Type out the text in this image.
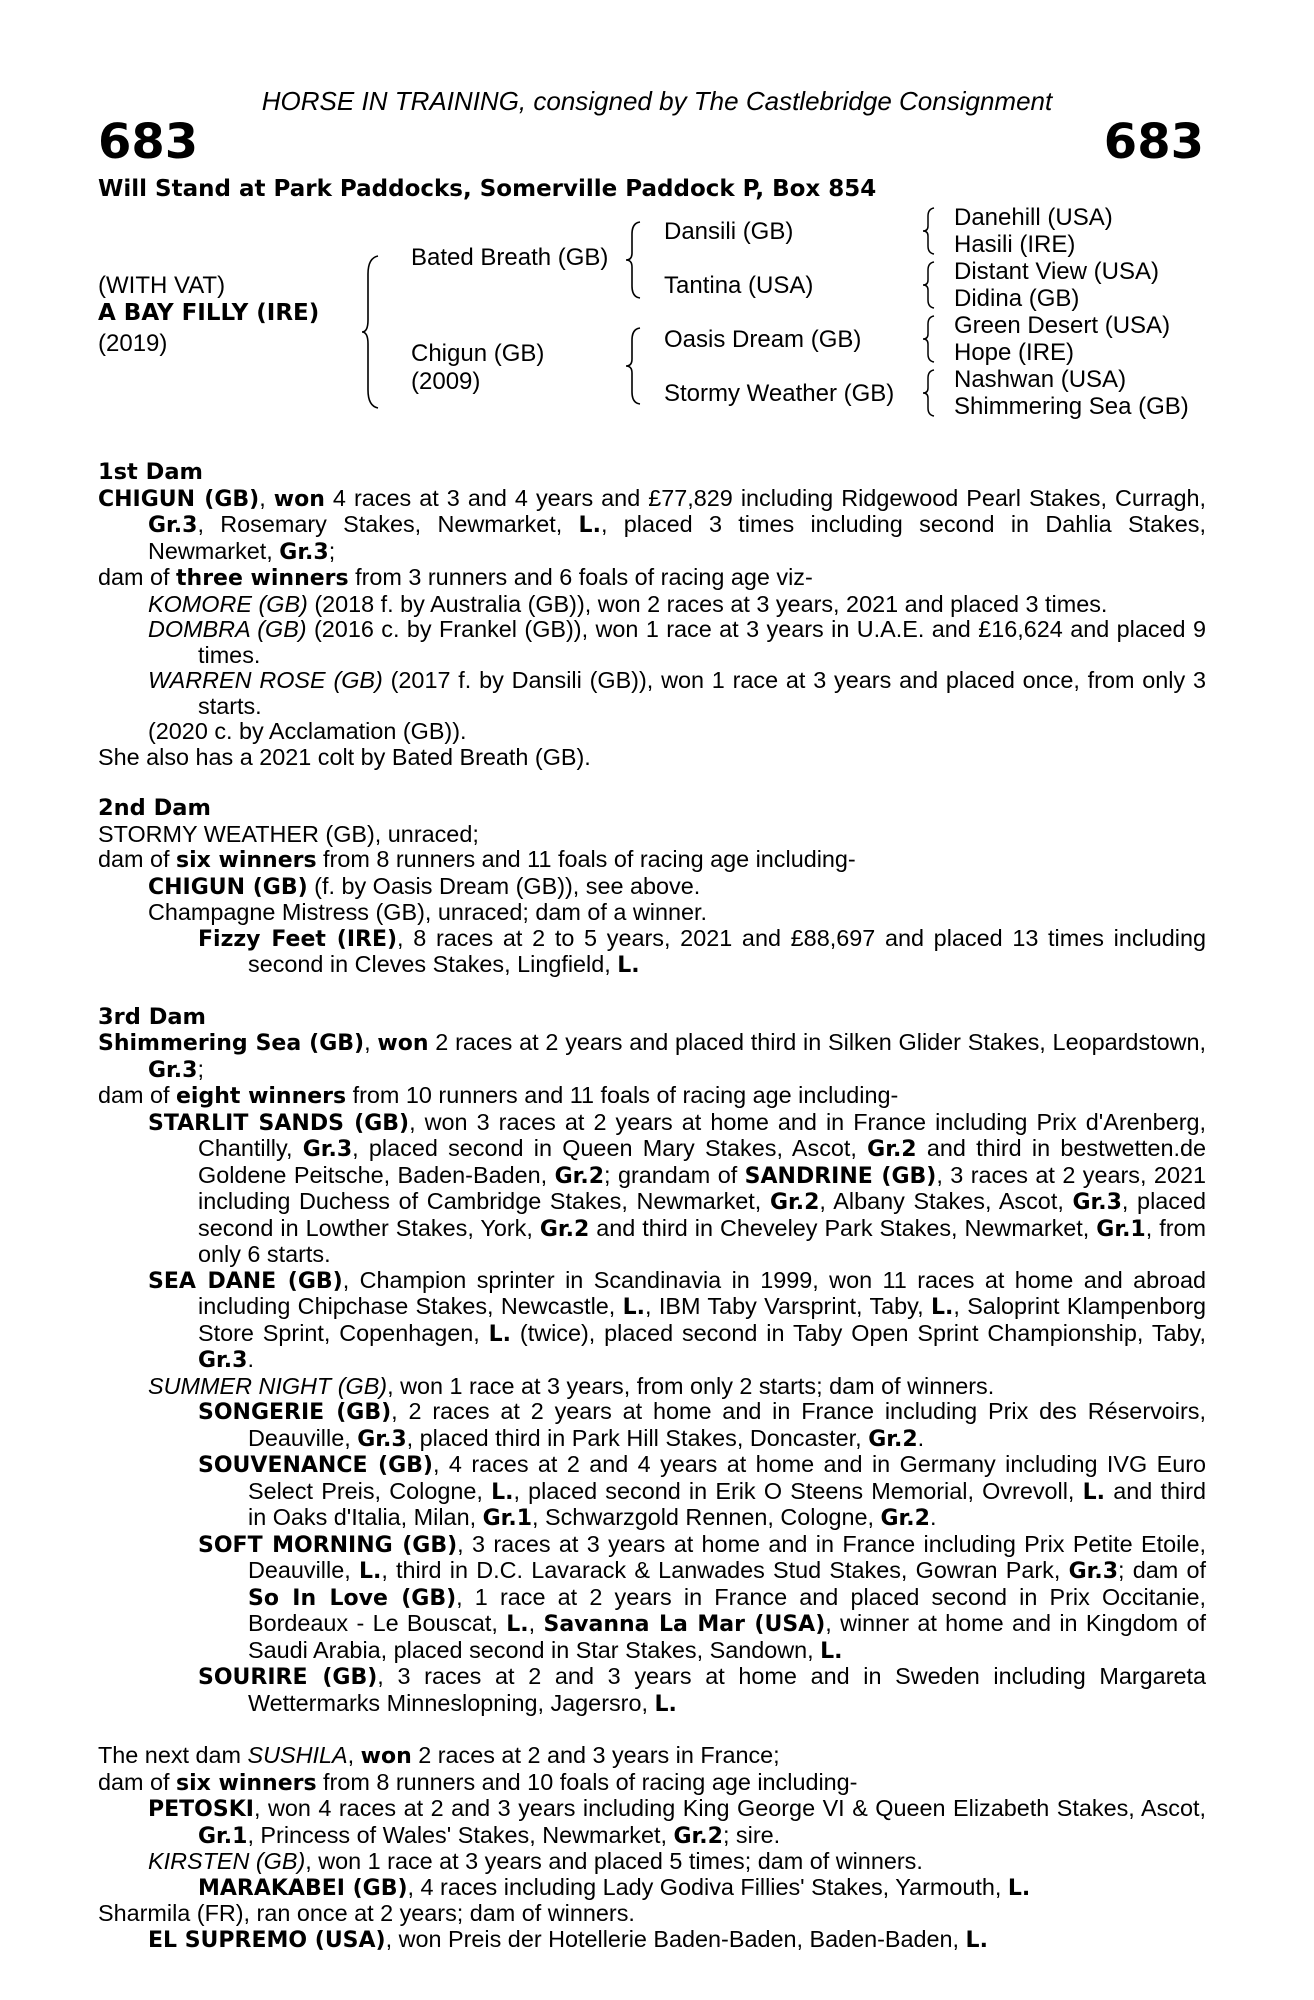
HORSE IN TRAINING, consigned by The Castlebridge Consignment
683	683
Will Stand at Park Paddocks, Somerville Paddock P, Box 854
(WITH VAT)
A BAY FILLY (IRE)
(2019)
Bated Breath (GB)
Chigun (GB)
(2009)
Dansili (GB)
Tantina (USA)
Oasis Dream (GB)
Stormy Weather (GB)
Danehill (USA)
Hasili (IRE)
Distant View (USA)
Didina (GB)
Green Desert (USA)
Hope (IRE)
Nashwan (USA)
Shimmering Sea (GB)

1st Dam

CHIGUN (GB), won 4 races at 3 and 4 years and £77,829 including Ridgewood Pearl Stakes, Curragh, Gr.3, Rosemary Stakes, Newmarket, L., placed 3 times including second in Dahlia Stakes, Newmarket, Gr.3;

dam of three winners from 3 runners and 6 foals of racing age viz-

KOMORE (GB) (2018 f. by Australia (GB)), won 2 races at 3 years, 2021 and placed 3 times.

DOMBRA (GB) (2016 c. by Frankel (GB)), won 1 race at 3 years in U.A.E. and £16,624 and placed 9 times.

WARREN ROSE (GB) (2017 f. by Dansili (GB)), won 1 race at 3 years and placed once, from only 3 starts.

(2020 c. by Acclamation (GB)).

She also has a 2021 colt by Bated Breath (GB).

2nd Dam

STORMY WEATHER (GB), unraced;

dam of six winners from 8 runners and 11 foals of racing age including-

CHIGUN (GB) (f. by Oasis Dream (GB)), see above.

Champagne Mistress (GB), unraced; dam of a winner.

Fizzy Feet (IRE), 8 races at 2 to 5 years, 2021 and £88,697 and placed 13 times including second in Cleves Stakes, Lingfield, L.

3rd Dam

Shimmering Sea (GB), won 2 races at 2 years and placed third in Silken Glider Stakes, Leopardstown, Gr.3;

dam of eight winners from 10 runners and 11 foals of racing age including-

STARLIT SANDS (GB), won 3 races at 2 years at home and in France including Prix d'Arenberg, Chantilly, Gr.3, placed second in Queen Mary Stakes, Ascot, Gr.2 and third in bestwetten.de Goldene Peitsche, Baden-Baden, Gr.2; grandam of SANDRINE (GB), 3 races at 2 years, 2021 including Duchess of Cambridge Stakes, Newmarket, Gr.2, Albany Stakes, Ascot, Gr.3, placed second in Lowther Stakes, York, Gr.2 and third in Cheveley Park Stakes, Newmarket, Gr.1, from only 6 starts.

SEA DANE (GB), Champion sprinter in Scandinavia in 1999, won 11 races at home and abroad including Chipchase Stakes, Newcastle, L., IBM Taby Varsprint, Taby, L., Saloprint Klampenborg Store Sprint, Copenhagen, L. (twice), placed second in Taby Open Sprint Championship, Taby, Gr.3.

SUMMER NIGHT (GB), won 1 race at 3 years, from only 2 starts; dam of winners.

SONGERIE (GB), 2 races at 2 years at home and in France including Prix des Réservoirs, Deauville, Gr.3, placed third in Park Hill Stakes, Doncaster, Gr.2.

SOUVENANCE (GB), 4 races at 2 and 4 years at home and in Germany including IVG Euro Select Preis, Cologne, L., placed second in Erik O Steens Memorial, Ovrevoll, L. and third in Oaks d'Italia, Milan, Gr.1, Schwarzgold Rennen, Cologne, Gr.2.

SOFT MORNING (GB), 3 races at 3 years at home and in France including Prix Petite Etoile, Deauville, L., third in D.C. Lavarack & Lanwades Stud Stakes, Gowran Park, Gr.3; dam of So In Love (GB), 1 race at 2 years in France and placed second in Prix Occitanie, Bordeaux - Le Bouscat, L., Savanna La Mar (USA), winner at home and in Kingdom of Saudi Arabia, placed second in Star Stakes, Sandown, L.

SOURIRE (GB), 3 races at 2 and 3 years at home and in Sweden including Margareta Wettermarks Minneslopning, Jagersro, L.

The next dam SUSHILA, won 2 races at 2 and 3 years in France;

dam of six winners from 8 runners and 10 foals of racing age including-

PETOSKI, won 4 races at 2 and 3 years including King George VI & Queen Elizabeth Stakes, Ascot, Gr.1, Princess of Wales' Stakes, Newmarket, Gr.2; sire.

KIRSTEN (GB), won 1 race at 3 years and placed 5 times; dam of winners.

MARAKABEI (GB), 4 races including Lady Godiva Fillies' Stakes, Yarmouth, L.

Sharmila (FR), ran once at 2 years; dam of winners.

EL SUPREMO (USA), won Preis der Hotellerie Baden-Baden, Baden-Baden, L.
